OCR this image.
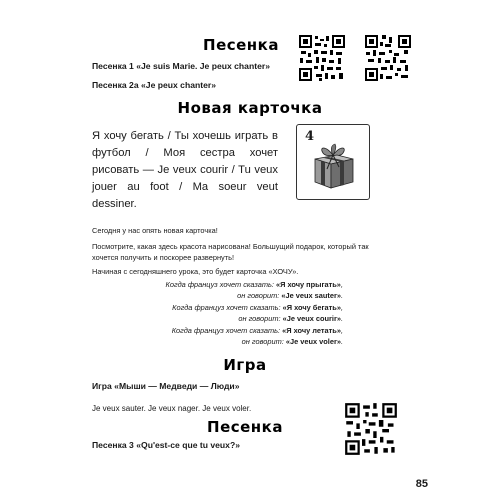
Песенка
Песенка 1 «Je suis Marie. Je peux chanter»
Песенка 2а «Je peux chanter»
Новая карточка
Я хочу бегать / Ты хочешь играть в футбол / Моя сестра хочет рисовать — Je veux courir / Tu veux jouer au foot / Ma soeur veut dessiner.
4
Сегодня у нас опять новая карточка!
Посмотрите, какая здесь красота нарисована! Большущий подарок, который так хочется получить и поскорее развернуть!
Начиная с сегодняшнего урока, это будет карточка «ХОЧУ».
Когда француз хочет сказать: «Я хочу прыгать»,
он говорит: «Je veux sauter».
Когда француз хочет сказать: «Я хочу бегать»,
он говорит: «Je veux courir».
Когда француз хочет сказать: «Я хочу летать»,
он говорит: «Je veux voler».
Игра
Игра «Мыши — Медведи — Люди»
Je veux sauter. Je veux nager. Je veux voler.
Песенка
Песенка 3 «Qu'est-ce que tu veux?»
85
